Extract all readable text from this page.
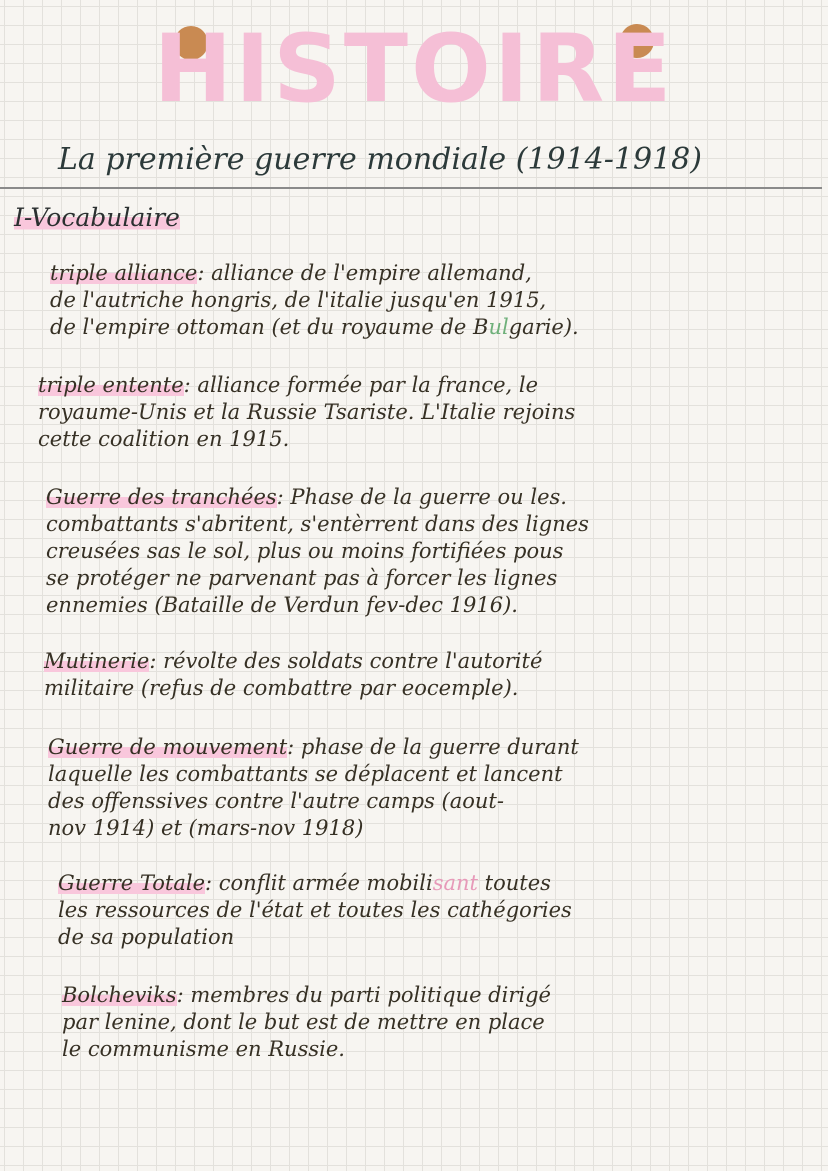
HISTOIRE
La première guerre mondiale (1914-1918)
I-Vocabulaire
triple alliance: alliance de l'empire allemand,
de l'autriche hongris, de l'italie jusqu'en 1915,
de l'empire ottoman (et du royaume de Bulgarie).
triple entente: alliance formée par la france, le
royaume-Unis et la Russie Tsariste. L'Italie rejoins
cette coalition en 1915.
Guerre des tranchées: Phase de la guerre ou les.
combattants s'abritent, s'entèrrent dans des lignes
creusées sas le sol, plus ou moins fortifiées pous
se protéger ne parvenant pas à forcer les lignes
ennemies (Bataille de Verdun fev-dec 1916).
Mutinerie: révolte des soldats contre l'autorité
militaire (refus de combattre par eocemple).
Guerre de mouvement: phase de la guerre durant
laquelle les combattants se déplacent et lancent
des offenssives contre l'autre camps (aout-
nov 1914) et (mars-nov 1918)
Guerre Totale: conflit armée mobilisant toutes
les ressources de l'état et toutes les cathégories
de sa population
Bolcheviks: membres du parti politique dirigé
par lenine, dont le but est de mettre en place
le communisme en Russie.
